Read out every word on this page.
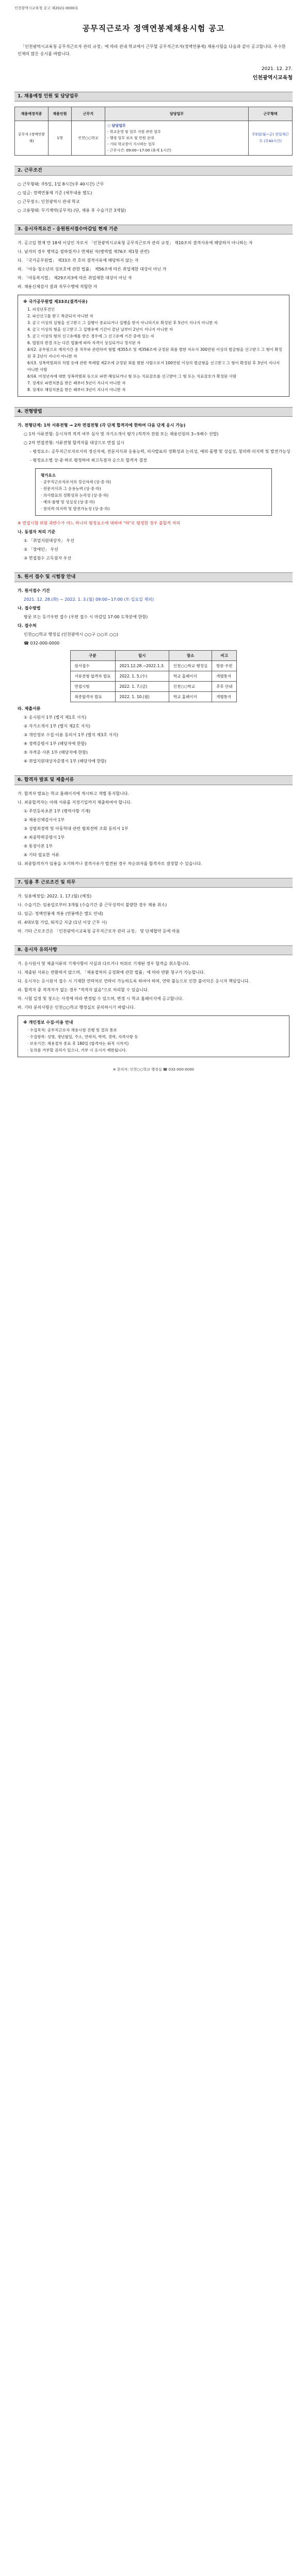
인천광역시교육청 공고 제2021-0000호
공무직근로자 정액연봉제채용시험 공고
「인천광역시교육청 공무직근로자 관리 규정」에 따라 관내 학교에서 근무할 공무직근로자(정액연봉제) 채용시험을 다음과 같이 공고합니다. 우수한 인재의 많은 응시를 바랍니다.
2021. 12. 27.
인천광역시교육청
1. 채용예정 인원 및 담당업무
채용예정직종	채용인원	근무지	담당업무	근무형태
공무직 (정액연봉제)	1명	인천○○학교	○ 담당업무
- 학교운영 및 업무 지원 관련 업무
- 행정 업무 보조 및 민원 응대
- 기타 학교장이 지시하는 업무
- 근무시간: 09:00~17:00 (휴게 1시간)	주5일(월~금) 전일제근무 (주40시간)
2. 근무조건
○ 근무형태: 주5일, 1일 8시간(주 40시간) 근무
○ 임금: 정액연봉제 기준 (세부내용 별도)
○ 근무장소: 인천광역시 관내 학교
○ 고용형태: 무기계약(공무직) (단, 채용 후 수습기간 3개월)
3. 응시자격요건 - 응원원서접수마감일 현재 기준
가. 공고일 현재 만 18세 이상인 자로서 「인천광역시교육청 공무직근로자 관리 규정」 제10조의 결격사유에 해당하지 아니하는 자
나. 남자의 경우 병역을 필하였거나 면제된 자(병역법 제76조 제1항 관련)
다. 「국가공무원법」 제33조 각 호의 결격사유에 해당하지 않는 자
라. 「아동·청소년의 성보호에 관한 법률」 제56조에 따른 취업제한 대상이 아닌 자
마. 「아동복지법」 제29조의3에 따른 취업제한 대상이 아닌 자
바. 채용신체검사 결과 직무수행에 적합한 자
※ 국가공무원법 제33조(결격사유)
1. 피성년후견인
2. 파산선고를 받고 복권되지 아니한 자
3. 금고 이상의 실형을 선고받고 그 집행이 종료되거나 집행을 받지 아니하기로 확정된 후 5년이 지나지 아니한 자
4. 금고 이상의 형을 선고받고 그 집행유예 기간이 끝난 날부터 2년이 지나지 아니한 자
5. 금고 이상의 형의 선고유예를 받은 경우에 그 선고유예 기간 중에 있는 자
6. 법원의 판결 또는 다른 법률에 따라 자격이 상실되거나 정지된 자
6의2. 공무원으로 재직기간 중 직무와 관련하여 형법 제355조 및 제356조에 규정된 죄를 범한 자로서 300만원 이상의 벌금형을 선고받고 그 형이 확정된 후 2년이 지나지 아니한 자
6의3. 성폭력범죄의 처벌 등에 관한 특례법 제2조에 규정된 죄를 범한 사람으로서 100만원 이상의 벌금형을 선고받고 그 형이 확정된 후 3년이 지나지 아니한 사람
6의4. 미성년자에 대한 성폭력범죄 등으로 파면·해임되거나 형 또는 치료감호를 선고받아 그 형 또는 치료감호가 확정된 사람
7. 징계로 파면처분을 받은 때부터 5년이 지나지 아니한 자
8. 징계로 해임처분을 받은 때부터 3년이 지나지 아니한 자
4. 전형방법
가. 전형단계: 1차 서류전형 → 2차 면접전형 (각 단계 합격자에 한하여 다음 단계 응시 가능)
○ 1차 서류전형: 응시자격 적격 여부 심사 및 자기소개서 평가 (적격자 전원 또는 채용인원의 3~5배수 선발)
○ 2차 면접전형: 서류전형 합격자를 대상으로 면접 실시
- 평정요소: 공무직근로자로서의 정신자세, 전문지식과 응용능력, 의사발표의 정확성과 논리성, 예의·품행 및 성실성, 창의력·의지력 및 발전가능성
- 평정요소별 상·중·하로 평정하여 최고득점자 순으로 합격자 결정
평가요소
· 공무직근로자로서의 정신자세 (상·중·하)
· 전문지식과 그 응용능력 (상·중·하)
· 의사발표의 정확성과 논리성 (상·중·하)
· 예의·품행 및 성실성 (상·중·하)
· 창의력·의지력 및 발전가능성 (상·중·하)
※ 면접시험 위원 과반수가 어느 하나의 평정요소에 대하여 "하"로 평정한 경우 불합격 처리
나. 동점자 처리 기준
① 「취업지원대상자」 우선
② 「장애인」 우선
③ 면접점수 고득점자 우선
5. 원서 접수 및 시험장 안내
가. 원서접수 기간
2021. 12. 28.(화) ~ 2022. 1. 3.(월) 09:00~17:00 (토·일요일 제외)
나. 접수방법
방문 또는 등기우편 접수 (우편 접수 시 마감일 17:00 도착분에 한함)
다. 접수처
인천○○학교 행정실 (인천광역시 ○○구 ○○로 ○○)
☎ 032-000-0000
구분	일시	장소	비고
원서접수	2021.12.28.~2022.1.3.	인천○○학교 행정실	방문·우편
서류전형 합격자 발표	2022. 1. 5.(수)	학교 홈페이지	개별통지
면접시험	2022. 1. 7.(금)	인천○○학교	추후 안내
최종합격자 발표	2022. 1. 10.(월)	학교 홈페이지	개별통지
라. 제출서류
① 응시원서 1부 (별지 제1호 서식)
② 자기소개서 1부 (별지 제2호 서식)
③ 개인정보 수집·이용 동의서 1부 (별지 제3호 서식)
④ 경력증명서 1부 (해당자에 한함)
⑤ 자격증 사본 1부 (해당자에 한함)
⑥ 취업지원대상자증명서 1부 (해당자에 한함)
6. 합격자 발표 및 제출서류
가. 합격자 발표는 학교 홈페이지에 게시하고 개별 통지합니다.
나. 최종합격자는 아래 서류를 지정기일까지 제출하여야 합니다.
① 주민등록초본 1부 (병역사항 기재)
② 채용신체검사서 1부
③ 성범죄경력 및 아동학대 관련 범죄전력 조회 동의서 1부
④ 최종학력증명서 1부
⑤ 통장사본 1부
⑥ 기타 필요한 서류
다. 최종합격자가 임용을 포기하거나 결격사유가 발견된 경우 차순위자를 합격자로 결정할 수 있습니다.
7. 임용 후 근로조건 및 의무
가. 임용예정일: 2022. 1. 17.(월) (예정)
나. 수습기간: 임용일로부터 3개월 (수습기간 중 근무성적이 불량한 경우 채용 취소)
다. 임금: 정액연봉제 적용 (연봉액은 별도 안내)
라. 4대보험 가입, 퇴직금 지급 (1년 이상 근무 시)
마. 기타 근로조건은 「인천광역시교육청 공무직근로자 관리 규정」 및 단체협약 등에 따름
8. 응시자 유의사항
가. 응시원서 및 제출서류의 기재사항이 사실과 다르거나 허위로 기재된 경우 합격을 취소합니다.
나. 제출된 서류는 반환하지 않으며, 「채용절차의 공정화에 관한 법률」에 따라 반환 청구가 가능합니다.
다. 응시자는 응시원서 접수 시 기재한 연락처로 연락이 가능하도록 하여야 하며, 연락 불능으로 인한 불이익은 응시자 책임입니다.
라. 합격자 중 적격자가 없는 경우 "적격자 없음"으로 처리할 수 있습니다.
마. 시험 일정 및 장소는 사정에 따라 변경될 수 있으며, 변경 시 학교 홈페이지에 공고합니다.
바. 기타 문의사항은 인천○○학교 행정실로 문의하시기 바랍니다.
※ 개인정보 수집·이용 안내
· 수집목적: 공무직근로자 채용시험 진행 및 결과 통보
· 수집항목: 성명, 생년월일, 주소, 연락처, 학력, 경력, 자격사항 등
· 보유기간: 채용절차 종료 후 180일 (합격자는 퇴직 시까지)
· 동의를 거부할 권리가 있으나, 거부 시 응시가 제한됩니다.
※ 문의처: 인천○○학교 행정실 ☎ 032-000-0000
